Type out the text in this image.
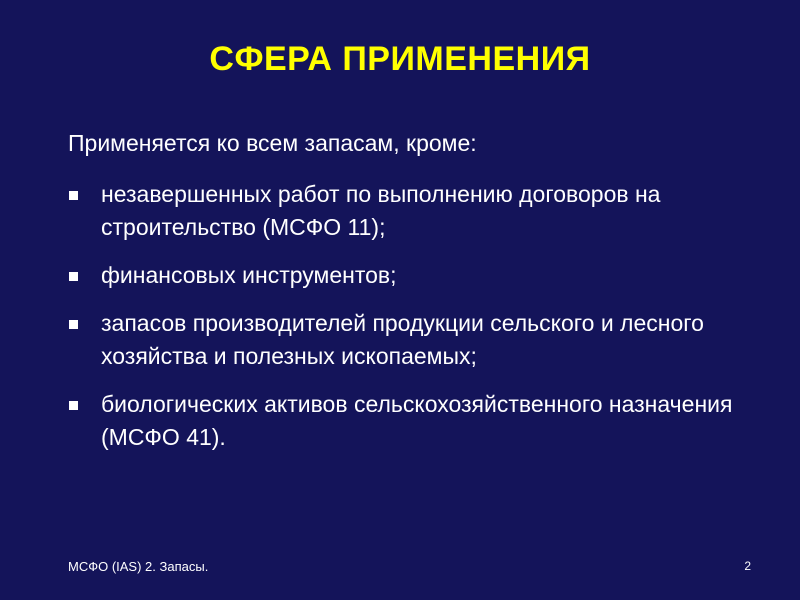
СФЕРА ПРИМЕНЕНИЯ
Применяется ко всем запасам, кроме:
незавершенных работ по выполнению договоров на строительство (МСФО 11);
финансовых инструментов;
запасов производителей продукции сельского и лесного хозяйства и полезных ископаемых;
биологических активов сельскохозяйственного назначения (МСФО 41).
МСФО (IAS) 2. Запасы.	2
